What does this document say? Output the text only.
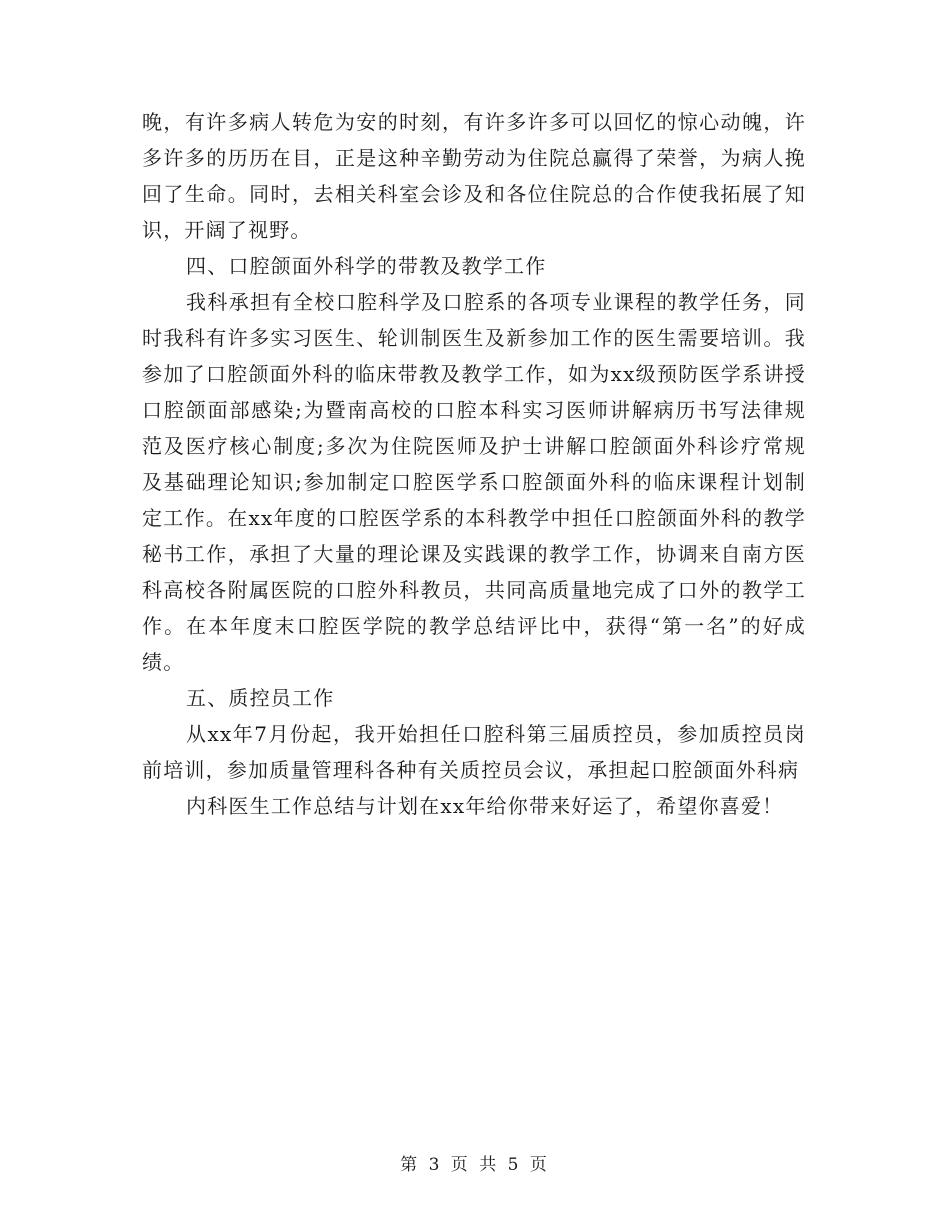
晚，有许多病人转危为安的时刻，有许多许多可以回忆的惊心动魄，许多许多的历历在目，正是这种辛勤劳动为住院总赢得了荣誉，为病人挽回了生命。同时，去相关科室会诊及和各位住院总的合作使我拓展了知识，开阔了视野。

四、口腔颌面外科学的带教及教学工作

我科承担有全校口腔科学及口腔系的各项专业课程的教学任务，同时我科有许多实习医生、轮训制医生及新参加工作的医生需要培训。我参加了口腔颌面外科的临床带教及教学工作，如为xx级预防医学系讲授口腔颌面部感染;为暨南高校的口腔本科实习医师讲解病历书写法律规范及医疗核心制度;多次为住院医师及护士讲解口腔颌面外科诊疗常规及基础理论知识;参加制定口腔医学系口腔颌面外科的临床课程计划制定工作。在xx年度的口腔医学系的本科教学中担任口腔颌面外科的教学秘书工作，承担了大量的理论课及实践课的教学工作，协调来自南方医科高校各附属医院的口腔外科教员，共同高质量地完成了口外的教学工作。在本年度末口腔医学院的教学总结评比中，获得“第一名”的好成绩。

五、质控员工作

从xx年7月份起，我开始担任口腔科第三届质控员，参加质控员岗前培训，参加质量管理科各种有关质控员会议，承担起口腔颌面外科病

内科医生工作总结与计划在xx年给你带来好运了，希望你喜爱！

第 3 页 共 5 页
